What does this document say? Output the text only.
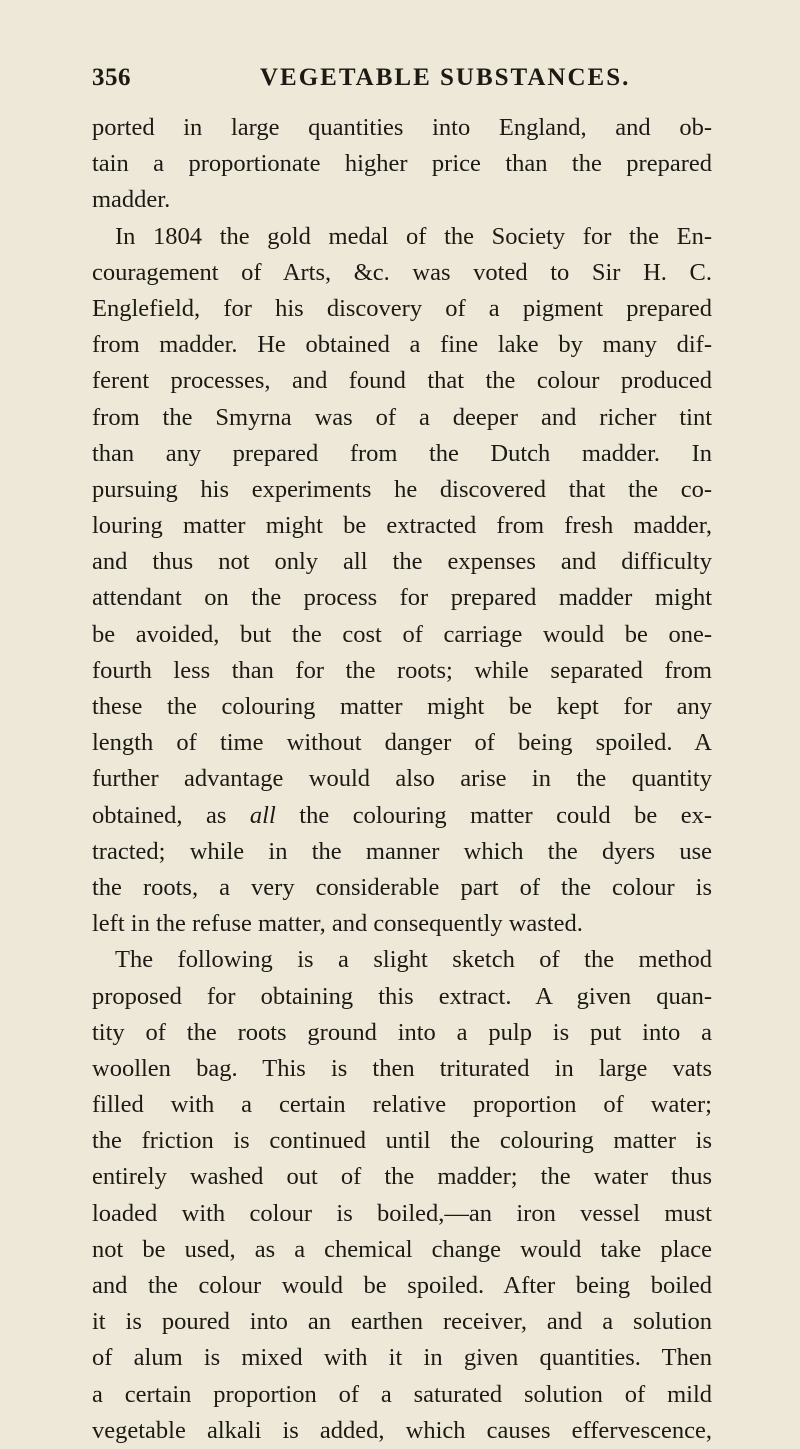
356	VEGETABLE SUBSTANCES.
ported in large quantities into England, and ob-
tain a proportionate higher price than the prepared
madder.
In 1804 the gold medal of the Society for the En-
couragement of Arts, &c. was voted to Sir H. C.
Englefield, for his discovery of a pigment prepared
from madder. He obtained a fine lake by many dif-
ferent processes, and found that the colour produced
from the Smyrna was of a deeper and richer tint
than any prepared from the Dutch madder. In
pursuing his experiments he discovered that the co-
louring matter might be extracted from fresh madder,
and thus not only all the expenses and difficulty
attendant on the process for prepared madder might
be avoided, but the cost of carriage would be one-
fourth less than for the roots; while separated from
these the colouring matter might be kept for any
length of time without danger of being spoiled. A
further advantage would also arise in the quantity
obtained, as all the colouring matter could be ex-
tracted; while in the manner which the dyers use
the roots, a very considerable part of the colour is
left in the refuse matter, and consequently wasted.
The following is a slight sketch of the method
proposed for obtaining this extract. A given quan-
tity of the roots ground into a pulp is put into a
woollen bag. This is then triturated in large vats
filled with a certain relative proportion of water;
the friction is continued until the colouring matter is
entirely washed out of the madder; the water thus
loaded with colour is boiled,—an iron vessel must
not be used, as a chemical change would take place
and the colour would be spoiled. After being boiled
it is poured into an earthen receiver, and a solution
of alum is mixed with it in given quantities. Then
a certain proportion of a saturated solution of mild
vegetable alkali is added, which causes effervescence,
